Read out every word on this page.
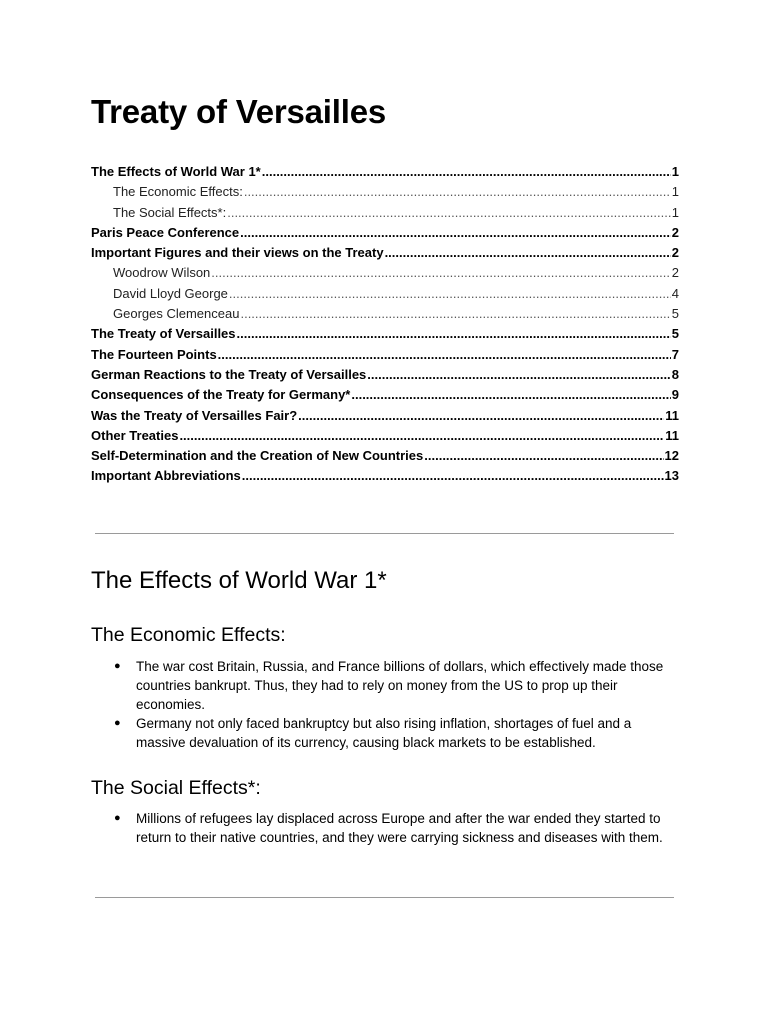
Treaty of Versailles
The Effects of World War 1* .....	1
The Economic Effects: .....	1
The Social Effects*: .....	1
Paris Peace Conference .....	2
Important Figures and their views on the Treaty .....	2
Woodrow Wilson .....	2
David Lloyd George .....	4
Georges Clemenceau .....	5
The Treaty of Versailles .....	5
The Fourteen Points .....	7
German Reactions to the Treaty of Versailles .....	8
Consequences of the Treaty for Germany* .....	9
Was the Treaty of Versailles Fair? .....	11
Other Treaties .....	11
Self-Determination and the Creation of New Countries .....	12
Important Abbreviations .....	13
The Effects of World War 1*
The Economic Effects:
● The war cost Britain, Russia, and France billions of dollars, which effectively made those countries bankrupt. Thus, they had to rely on money from the US to prop up their economies.
● Germany not only faced bankruptcy but also rising inflation, shortages of fuel and a massive devaluation of its currency, causing black markets to be established.
The Social Effects*:
● Millions of refugees lay displaced across Europe and after the war ended they started to return to their native countries, and they were carrying sickness and diseases with them.
